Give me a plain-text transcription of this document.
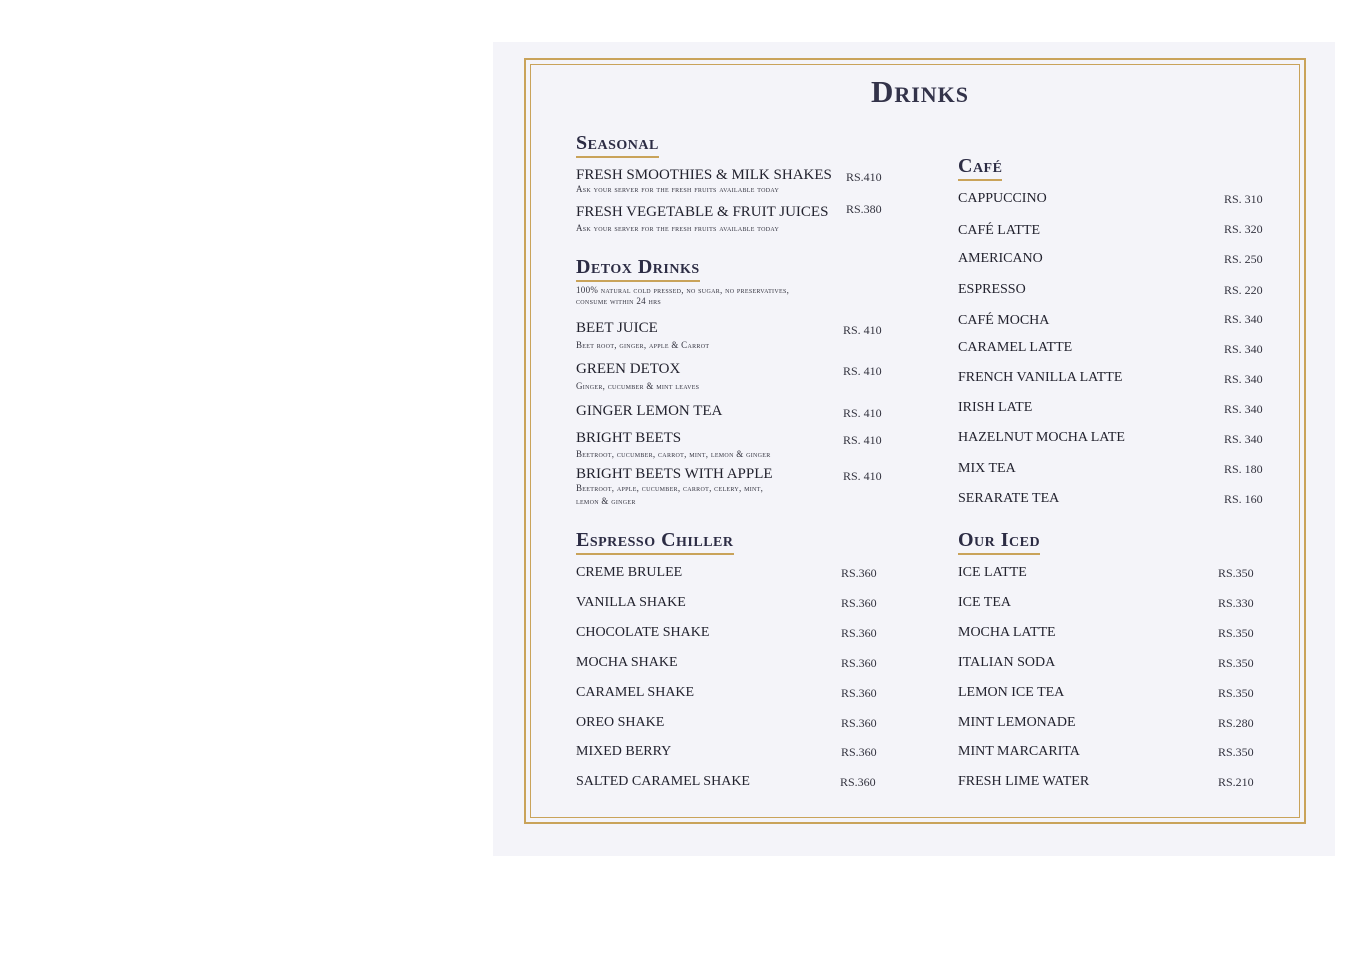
Drinks
Seasonal
FRESH SMOOTHIES & MILK SHAKES
Ask your server for the fresh fruits available today
RS.410
FRESH VEGETABLE & FRUIT JUICES
Ask your server for the fresh fruits available today
RS.380
Detox Drinks
100% natural cold pressed, no sugar, no preservatives,
consume within 24 hrs
BEET JUICE
Beet root, ginger, apple & Carrot
RS. 410
GREEN DETOX
Ginger, cucumber & mint leaves
RS. 410
GINGER LEMON TEA	RS. 410
BRIGHT BEETS
Beetroot, cucumber, carrot, mint, lemon & ginger
RS. 410
BRIGHT BEETS WITH APPLE
Beetroot, apple, cucumber, carrot, celery, mint,
lemon & ginger
RS. 410
Espresso Chiller
CREME BRULEE	RS.360
VANILLA SHAKE	RS.360
CHOCOLATE SHAKE	RS.360
MOCHA SHAKE	RS.360
CARAMEL SHAKE	RS.360
OREO SHAKE	RS.360
MIXED BERRY	RS.360
SALTED CARAMEL SHAKE	RS.360
Café
CAPPUCCINO	RS. 310
CAFÉ LATTE	RS. 320
AMERICANO	RS. 250
ESPRESSO	RS. 220
CAFÉ MOCHA	RS. 340
CARAMEL LATTE	RS. 340
FRENCH VANILLA LATTE	RS. 340
IRISH LATE	RS. 340
HAZELNUT MOCHA LATE	RS. 340
MIX TEA	RS. 180
SERARATE TEA	RS. 160
Our Iced
ICE LATTE	RS.350
ICE TEA	RS.330
MOCHA LATTE	RS.350
ITALIAN SODA	RS.350
LEMON ICE TEA	RS.350
MINT LEMONADE	RS.280
MINT MARCARITA	RS.350
FRESH LIME WATER	RS.210
